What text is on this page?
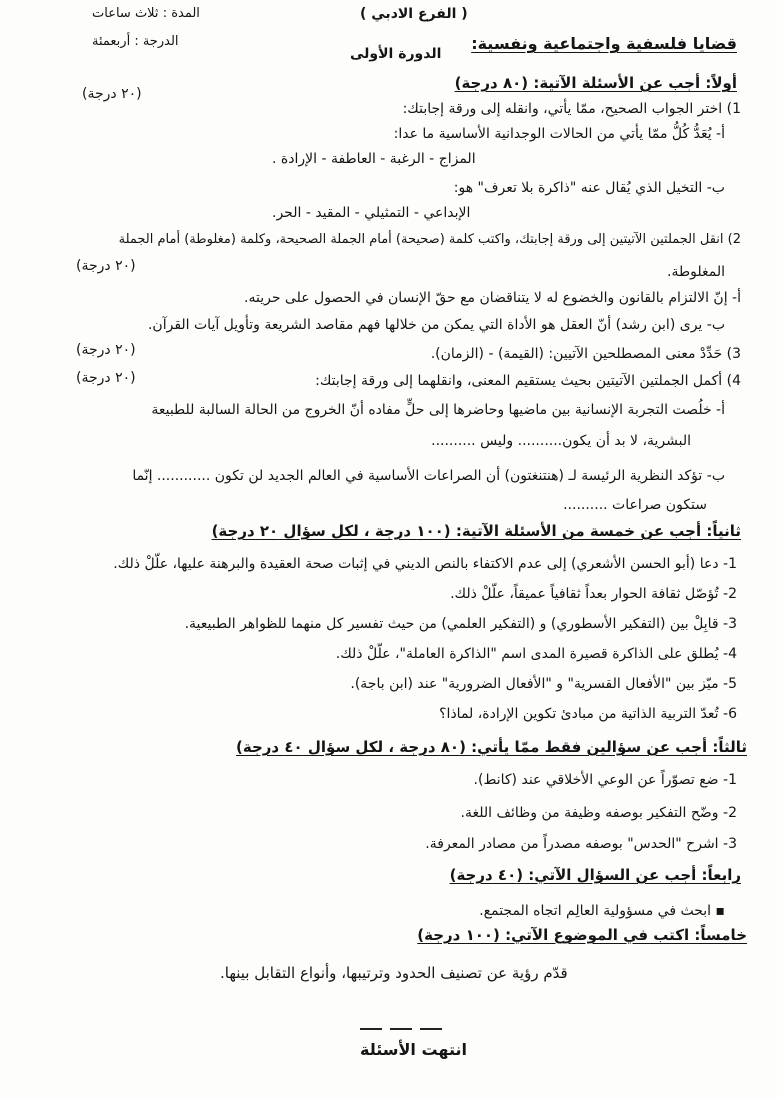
( الفرع الادبي )
المدة : ثلاث ساعات
الدرجة : أربعمئة	قضايا فلسفية واجتماعية ونفسية:
الدورة الأولى
أولاً: أجب عن الأسئلة الآتية: (٨٠ درجة)
(٢٠ درجة)
1) اختر الجواب الصحيح، ممّا يأتي، وانقله إلى ورقة إجابتك:
أ- يُعَدُّ كُلُّ ممّا يأتي من الحالات الوجدانية الأساسية ما عدا:
المزاج - الرغبة - العاطفة - الإرادة .
ب- التخيل الذي يُقال عنه "ذاكرة بلا تعرف" هو:
الإبداعي - التمثيلي - المقيد - الحر.
2) انقل الجملتين الآتيتين إلى ورقة إجابتك، واكتب كلمة (صحيحة) أمام الجملة الصحيحة، وكلمة (مغلوطة) أمام الجملة
(٢٠ درجة)	المغلوطة.
أ- إنّ الالتزام بالقانون والخضوع له لا يتناقضان مع حقّ الإنسان في الحصول على حريته.
ب- يرى (ابن رشد) أنّ العقل هو الأداة التي يمكن من خلالها فهم مقاصد الشريعة وتأويل آيات القرآن.
(٢٠ درجة)	3) حَدِّدْ معنى المصطلحين الآتيين: (القيمة) - (الزمان).
(٢٠ درجة)	4) أكمل الجملتين الآتيتين بحيث يستقيم المعنى، وانقلهما إلى ورقة إجابتك:
أ- خلُصت التجربة الإنسانية بين ماضيها وحاضرها إلى حلٍّ مفاده أنّ الخروج من الحالة السالبة للطبيعة
البشرية، لا بد أن يكون.......... وليس ..........
ب- تؤكد النظرية الرئيسة لـ (هنتنغتون) أن الصراعات الأساسية في العالم الجديد لن تكون ............ إنّما
ستكون صراعات ..........
ثانياً: أجب عن خمسة من الأسئلة الآتية: (١٠٠ درجة ، لكل سؤال ٢٠ درجة)
1- دعا (أبو الحسن الأشعري) إلى عدم الاكتفاء بالنص الديني في إثبات صحة العقيدة والبرهنة عليها، علّلْ ذلك.
2- تُؤصّل ثقافة الحوار بعداً ثقافياً عميقاً، علّلْ ذلك.
3- قابِلْ بين (التفكير الأسطوري) و (التفكير العلمي) من حيث تفسير كل منهما للظواهر الطبيعية.
4- يُطلق على الذاكرة قصيرة المدى اسم "الذاكرة العاملة"، علّلْ ذلك.
5- ميّز بين "الأفعال القسرية" و "الأفعال الضرورية" عند (ابن باجة).
6- تُعدّ التربية الذاتية من مبادئ تكوين الإرادة، لماذا؟
ثالثاً: أجب عن سؤالين فقط ممّا يأتي: (٨٠ درجة ، لكل سؤال ٤٠ درجة)
1- ضع تصوّراً عن الوعي الأخلاقي عند (كانط).
2- وضّح التفكير بوصفه وظيفة من وظائف اللغة.
3- اشرح "الحدس" بوصفه مصدراً من مصادر المعرفة.
رابعاً: أجب عن السؤال الآتي: (٤٠ درجة)
▪ ابحث في مسؤولية العالِم اتجاه المجتمع.
خامساً: اكتب في الموضوع الآتي: (١٠٠ درجة)
قدّم رؤية عن تصنيف الحدود وترتيبها، وأنواع التقابل بينها.
انتهت الأسئلة
